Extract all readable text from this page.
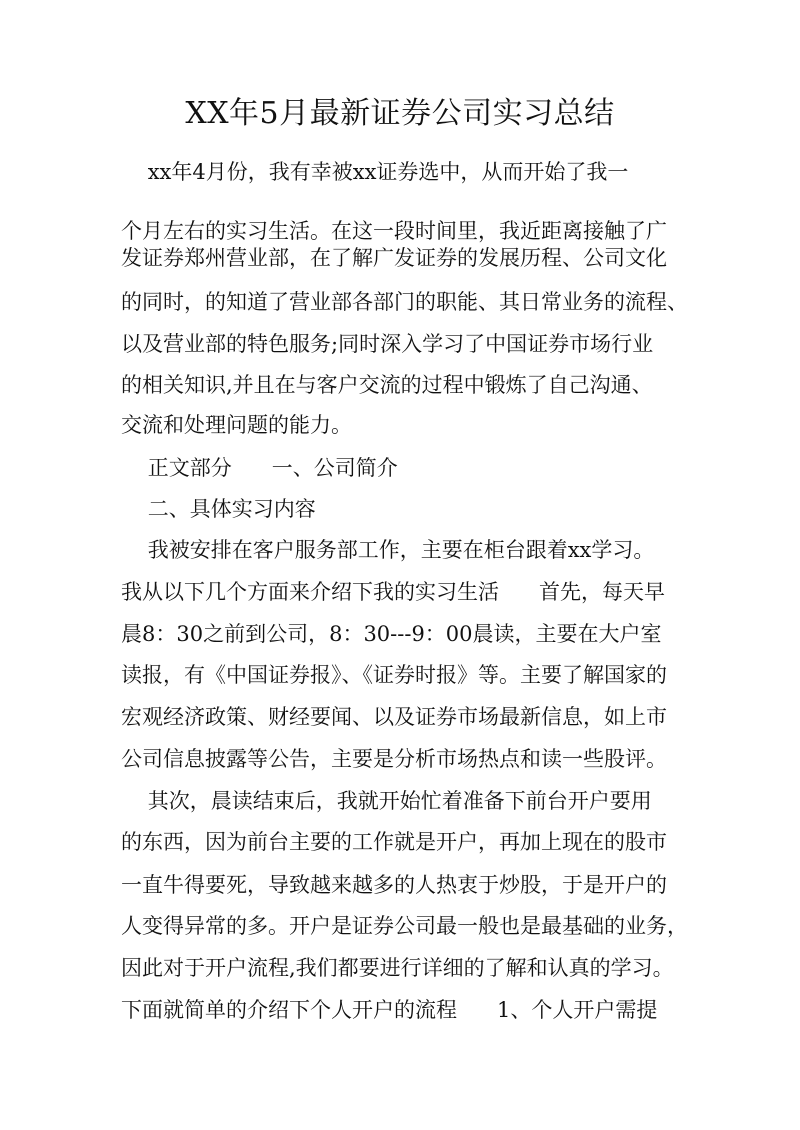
XX年5月最新证券公司实习总结
xx年4月份，我有幸被xx证券选中，从而开始了我一
个月左右的实习生活。在这一段时间里，我近距离接触了广
发证券郑州营业部，在了解广发证券的发展历程、公司文化
的同时，的知道了营业部各部门的职能、其日常业务的流程、
以及营业部的特色服务;同时深入学习了中国证券市场行业
的相关知识,并且在与客户交流的过程中锻炼了自己沟通、
交流和处理问题的能力。
正文部分      一、公司简介
二、具体实习内容
我被安排在客户服务部工作，主要在柜台跟着xx学习。
我从以下几个方面来介绍下我的实习生活      首先，每天早
晨8：30之前到公司，8：30---9：00晨读，主要在大户室
读报，有《中国证券报》、《证券时报》等。主要了解国家的
宏观经济政策、财经要闻、以及证券市场最新信息，如上市
公司信息披露等公告，主要是分析市场热点和读一些股评。
其次，晨读结束后，我就开始忙着准备下前台开户要用
的东西，因为前台主要的工作就是开户，再加上现在的股市
一直牛得要死，导致越来越多的人热衷于炒股，于是开户的
人变得异常的多。开户是证券公司最一般也是最基础的业务，
因此对于开户流程,我们都要进行详细的了解和认真的学习。
下面就简单的介绍下个人开户的流程      1、个人开户需提
